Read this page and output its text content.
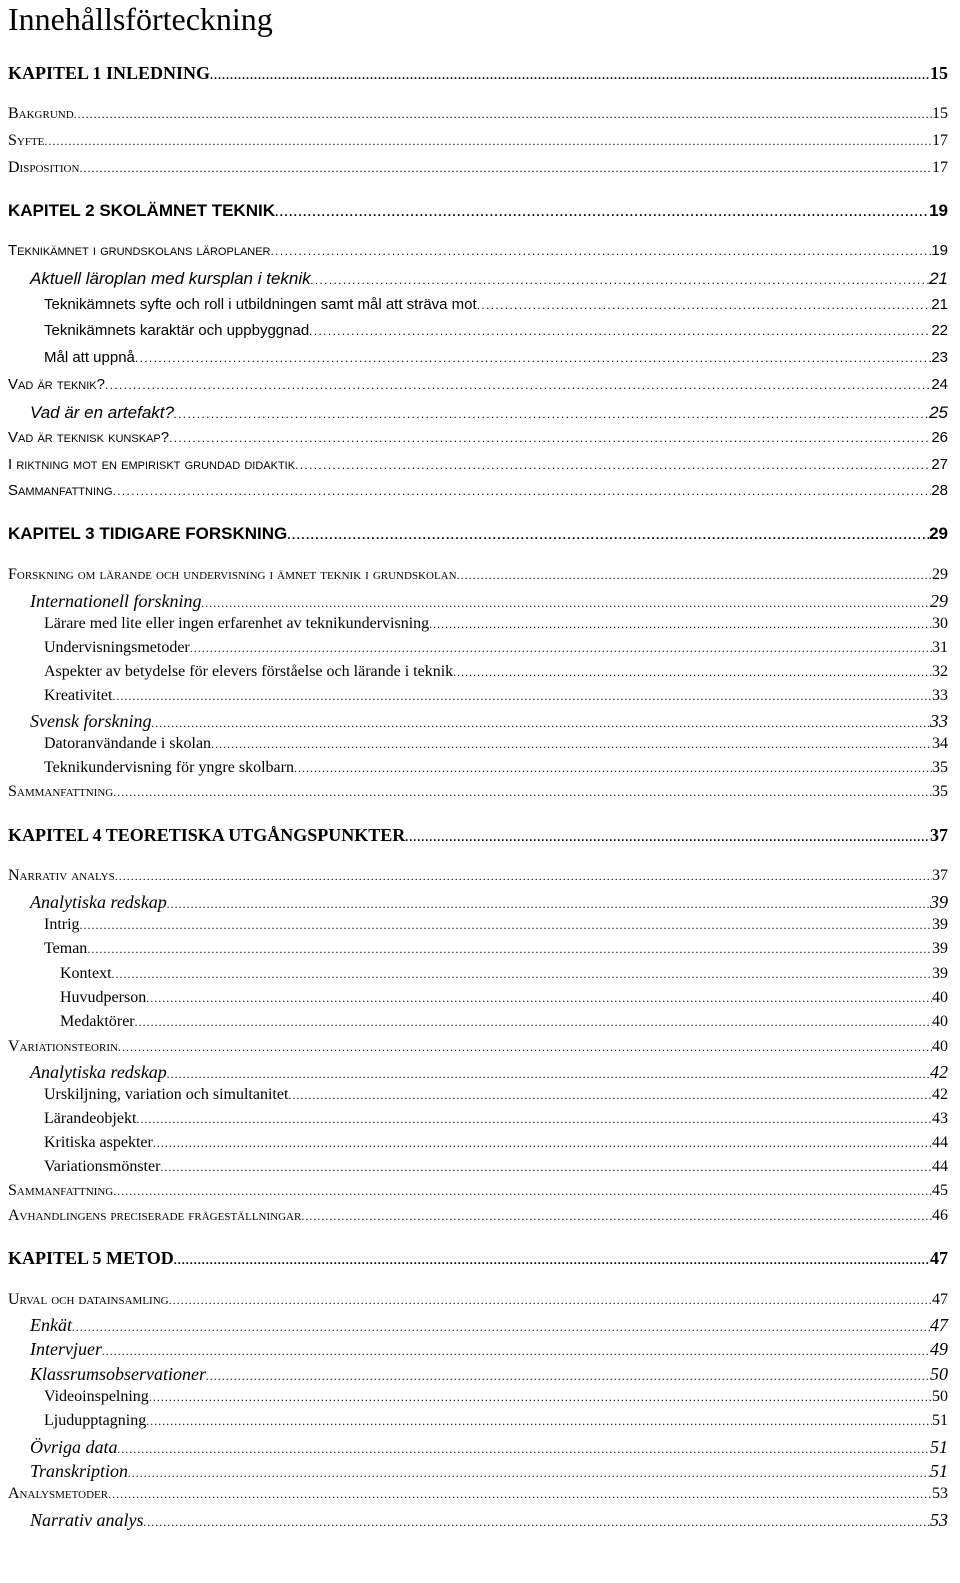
Innehållsförteckning
KAPITEL 1 INLEDNING . . .	15
Bakgrund . . .	15
Syfte . . .	17
Disposition . . .	17
KAPITEL 2 SKOLÄMNET TEKNIK . . .	19
Teknikämnet i grundskolans läroplaner . . .	19
Aktuell läroplan med kursplan i teknik . . .	21
Teknikämnets syfte och roll i utbildningen samt mål att sträva mot . . .	21
Teknikämnets karaktär och uppbyggnad . . .	22
Mål att uppnå . . .	23
Vad är teknik? . . .	24
Vad är en artefakt? . . .	25
Vad är teknisk kunskap? . . .	26
I riktning mot en empiriskt grundad didaktik . . .	27
Sammanfattning . . .	28
KAPITEL 3 TIDIGARE FORSKNING . . .	29
Forskning om lärande och undervisning i ämnet teknik i grundskolan . . .	29
Internationell forskning . . .	29
Lärare med lite eller ingen erfarenhet av teknikundervisning . . .	30
Undervisningsmetoder . . .	31
Aspekter av betydelse för elevers förståelse och lärande i teknik . . .	32
Kreativitet . . .	33
Svensk forskning . . .	33
Datoranvändande i skolan . . .	34
Teknikundervisning för yngre skolbarn . . .	35
Sammanfattning . . .	35
KAPITEL 4 TEORETISKA UTGÅNGSPUNKTER . . .	37
Narrativ analys . . .	37
Analytiska redskap . . .	39
Intrig . . .	39
Teman . . .	39
Kontext . . .	39
Huvudperson . . .	40
Medaktörer . . .	40
Variationsteorin . . .	40
Analytiska redskap . . .	42
Urskiljning, variation och simultanitet . . .	42
Lärandeobjekt . . .	43
Kritiska aspekter . . .	44
Variationsmönster . . .	44
Sammanfattning . . .	45
Avhandlingens preciserade frågeställningar . . .	46
KAPITEL 5 METOD . . .	47
Urval och datainsamling . . .	47
Enkät . . .	47
Intervjuer . . .	49
Klassrumsobservationer . . .	50
Videoinspelning . . .	50
Ljudupptagning . . .	51
Övriga data . . .	51
Transkription . . .	51
Analysmetoder . . .	53
Narrativ analys . . .	53
